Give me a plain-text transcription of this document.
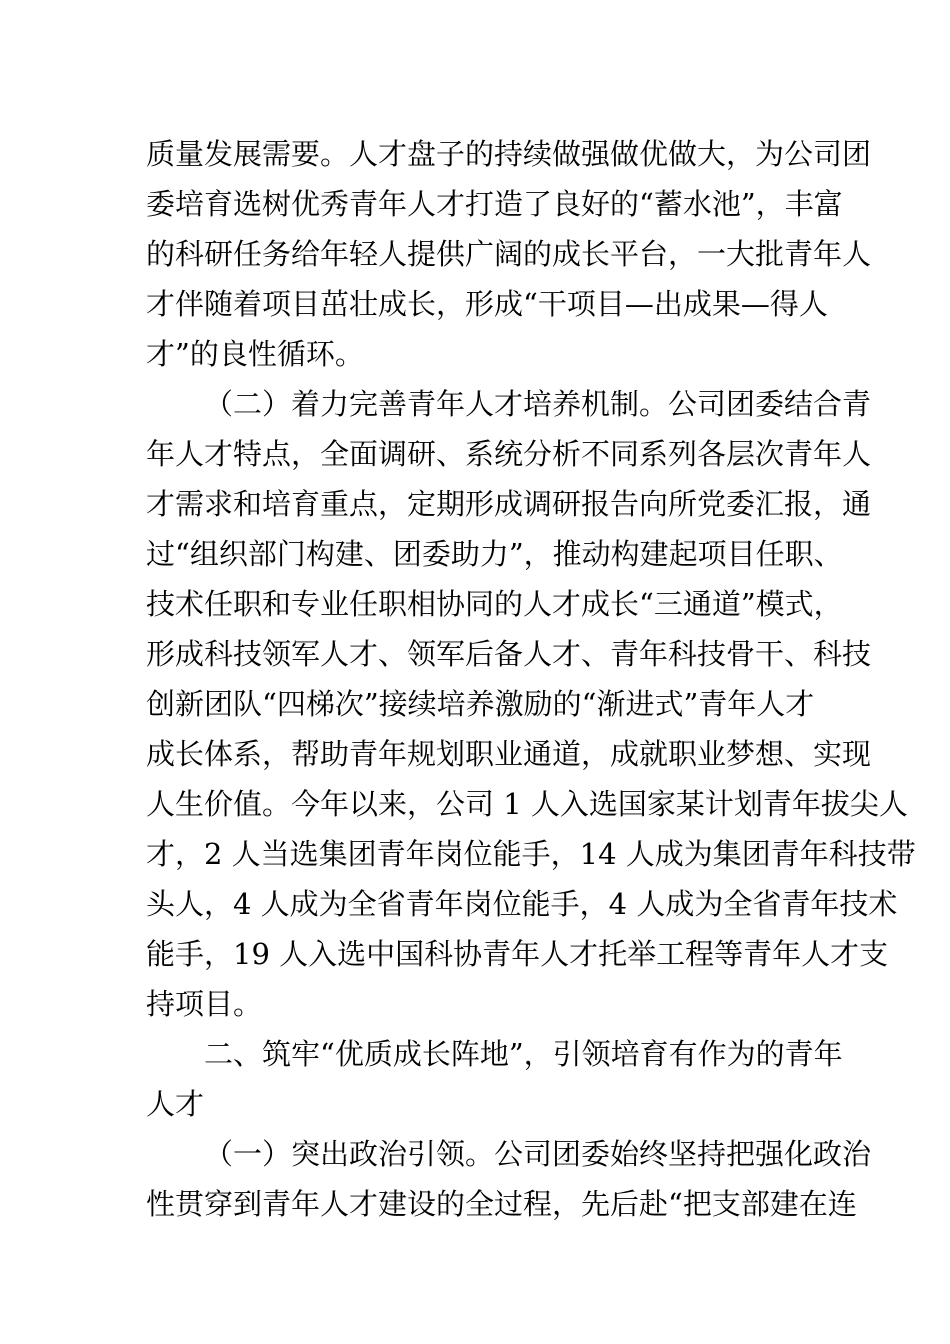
质量发展需要。人才盘子的持续做强做优做大，为公司团
委培育选树优秀青年人才打造了良好的“蓄水池”，丰富
的科研任务给年轻人提供广阔的成长平台，一大批青年人
才伴随着项目茁壮成长，形成“干项目—出成果—得人
才”的良性循环。
（二）着力完善青年人才培养机制。公司团委结合青
年人才特点，全面调研、系统分析不同系列各层次青年人
才需求和培育重点，定期形成调研报告向所党委汇报，通
过“组织部门构建、团委助力”，推动构建起项目任职、
技术任职和专业任职相协同的人才成长“三通道”模式，
形成科技领军人才、领军后备人才、青年科技骨干、科技
创新团队“四梯次”接续培养激励的“渐进式”青年人才
成长体系，帮助青年规划职业通道，成就职业梦想、实现
人生价值。今年以来，公司 1 人入选国家某计划青年拔尖人
才，2 人当选集团青年岗位能手，14 人成为集团青年科技带
头人，4 人成为全省青年岗位能手，4 人成为全省青年技术
能手，19 人入选中国科协青年人才托举工程等青年人才支
持项目。
二、筑牢“优质成长阵地”，引领培育有作为的青年
人才
（一）突出政治引领。公司团委始终坚持把强化政治
性贯穿到青年人才建设的全过程，先后赴“把支部建在连
